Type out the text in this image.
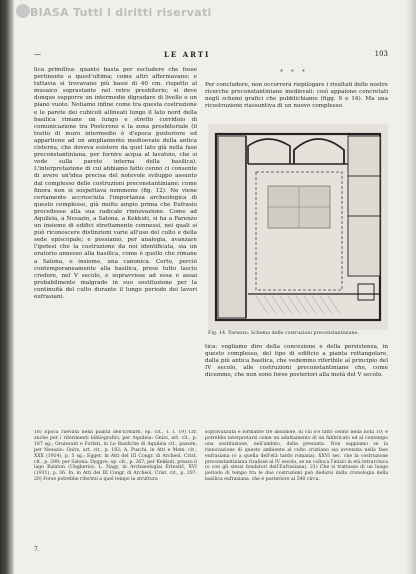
BIASA Tutti i diritti riservati
—	LE ARTI	103
lica primitiva: quanto basta per escludere che fosse pertinente a quest'ultima; come altri affermavano; e tuttavia si trovavano più bassi di 40 cm. rispetto al musaico soprastante nel retro presbiterio; si deve dunque supporre un intermedio digradare di livello o un piano vuoto. Notiamo infine come tra questa costruzione e le parete dei cubicoli allineati lungo il lato nord della basilica rimane un lungo e stretto corridoio di comunicazione tra Postcrono e la zona presbiteriale (il tratto di muro intermedio è d'epoca posteriore ed appartiene ad un ampliamento medioevale della antica cisterna, che doveva esistere da quel lato già nella fase preconstantiniana, per fornire acqua al lavatoio, che si vede sulla parete interna della basilica). L'interpretazione di cui abbiamo fatto cenno ci consente di avere un'idea precisa del notevole sviluppo assunto dal complesso delle costruzioni preconstantiniane: come finora non si sospettava nemmeno (fig. 12). Ne viene certamente accresciuta l'importanza archeologica di questo complesso, già molto ampio prima che Eufrasio procedesse alla sua radicale rinnovazione. Come ad Aquileia, a Nesazio, a Salona, a Kekkuti, si ha a Parenzo un insieme di edifici strettamente connessi, nei quali si può riconoscere distinzioni varie all'uso del culto e della sede episcopale; e possiamo, per analogia, avanzare l'ipotesi che la costruzione da noi identificata, sia un oratorio annesso alla basilica, come è quello che rimane a Salona, e insieme, una canonica. Certo, perciò contemporaneamente alla basilica, prese tutto lascio credere, nel V secolo, e sopravvisse ad essa e assai probabilmente malgrado in suo sostituzione per la continuità del culto durante il lungo periodo dei lavori eufrasiani.
* * *
Per concludere, non occorrerà riepilogare i risultati delle nostre ricerche preconstantiniane medievali: così appaiono concretati negli schemi grafici che pubblichiamo (figg. 9 e 14). Ma una ricostruzione riassuntiva di un nuovo complesso.
Fig. 14. Parenzo: Schema delle costruzioni preconstantiniane.
tica: vogliamo dire della concezione e della persistenza, in questo complesso, del tipo di edificio a pianta rettangolare, dalla più antica basilica, che vedemmo riferibile al principio del IV secolo, alle costruzioni preconstantiniane che, come dicemmo, che non sono forse posteriori alla metà del V secolo.
18) Epoca rilevata nella pianta dell'Ermarn, op. cit., T. I. 19) Cfr. anche per i riferimenti bibliografici, per Aquileia: Gnirs, art. cit., p. 187 sg.; Grunwald e Forlati, in Le Basiliche di Aquileia cit., passim; per Nesazio: Gnirs, art. cit., p. 182; A. Puschi, in Atti e Mem. cit., XXX (1914), p. 5 sg.; Egger, in Atti del III Congr. di Archeol. Crist. cit., p. 299; per Salona: Dyggve, op. cit., p. 267; per Kekkuti, presso il lago Balaton (Ungheria): L. Nagy, in Archaeologiai Értesitő, XVI (1931), p. 36. In. in Atti del III Congr. di Archeol. Crist. cit., p. 297. 20) Forse potrebbe riferirsi a quel tempo la struttura
sopravanzata e formante tre absidiole, di cui s'è fatto cenno nella nota 10; e potrebbe interpretarsi come un adattamento di un fabbricato ed al contempo una sostituzione, nell'ambito, della presunta. Non sappiamo se la rinnovazione di questo ambiente al culto cristiano sia avvenuta nella fase eufrasiana (o a quella dell'età tardo romana). XXVI sec. che la costruzione preconstantiniana risalisse al IV secolo, se ne colloca l'inizio in età tetrarchica (o con gli stessi fondatori dell'Eufrasiana). 21) Che si trattasse di un luogo periodo di tempo tra le due costruzioni può dedursi dalla cronologia della basilica eufrasiana, che è posteriore al 540 circa.
7.
